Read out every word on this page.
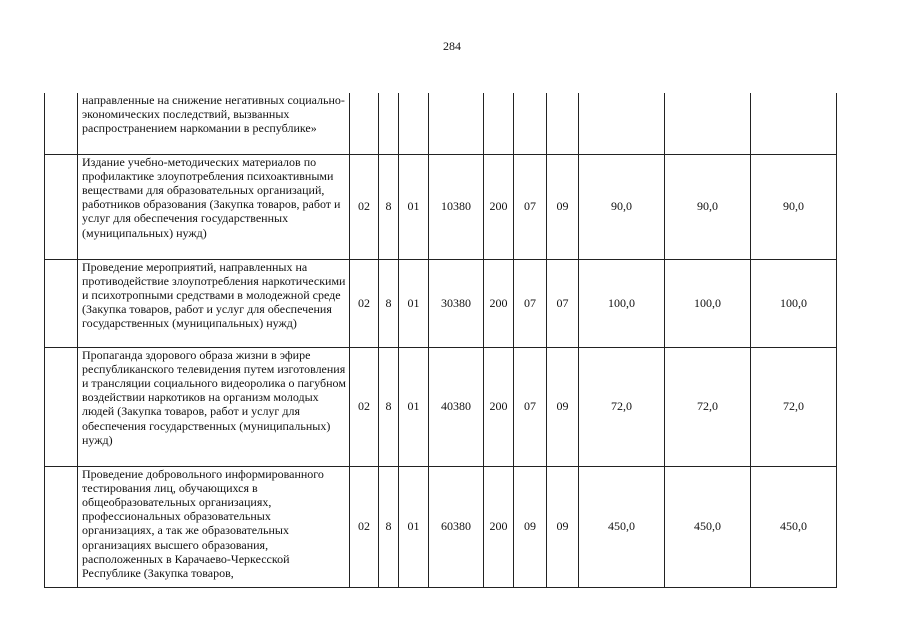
284
	направленные на снижение негативных социально-экономических последствий, вызванных распространением наркомании в республике»										
	Издание учебно-методических материалов по профилактике злоупотребления психоактивными веществами для образовательных организаций, работников образования (Закупка товаров, работ и услуг для обеспечения государственных (муниципальных) нужд)	02	8	01	10380	200	07	09	90,0	90,0	90,0
	Проведение мероприятий, направленных на противодействие злоупотребления наркотическими и психотропными средствами в молодежной среде (Закупка товаров, работ и услуг для обеспечения государственных (муниципальных) нужд)	02	8	01	30380	200	07	07	100,0	100,0	100,0
	Пропаганда здорового образа жизни в эфире республиканского телевидения путем изготовления и трансляции социального видеоролика о пагубном воздействии наркотиков на организм молодых людей (Закупка товаров, работ и услуг для обеспечения государственных (муниципальных) нужд)	02	8	01	40380	200	07	09	72,0	72,0	72,0
	Проведение добровольного информированного тестирования лиц, обучающихся в общеобразовательных организациях, профессиональных образовательных организациях, а так же образовательных организациях высшего образования, расположенных в Карачаево-Черкесской Республике (Закупка товаров,	02	8	01	60380	200	09	09	450,0	450,0	450,0
